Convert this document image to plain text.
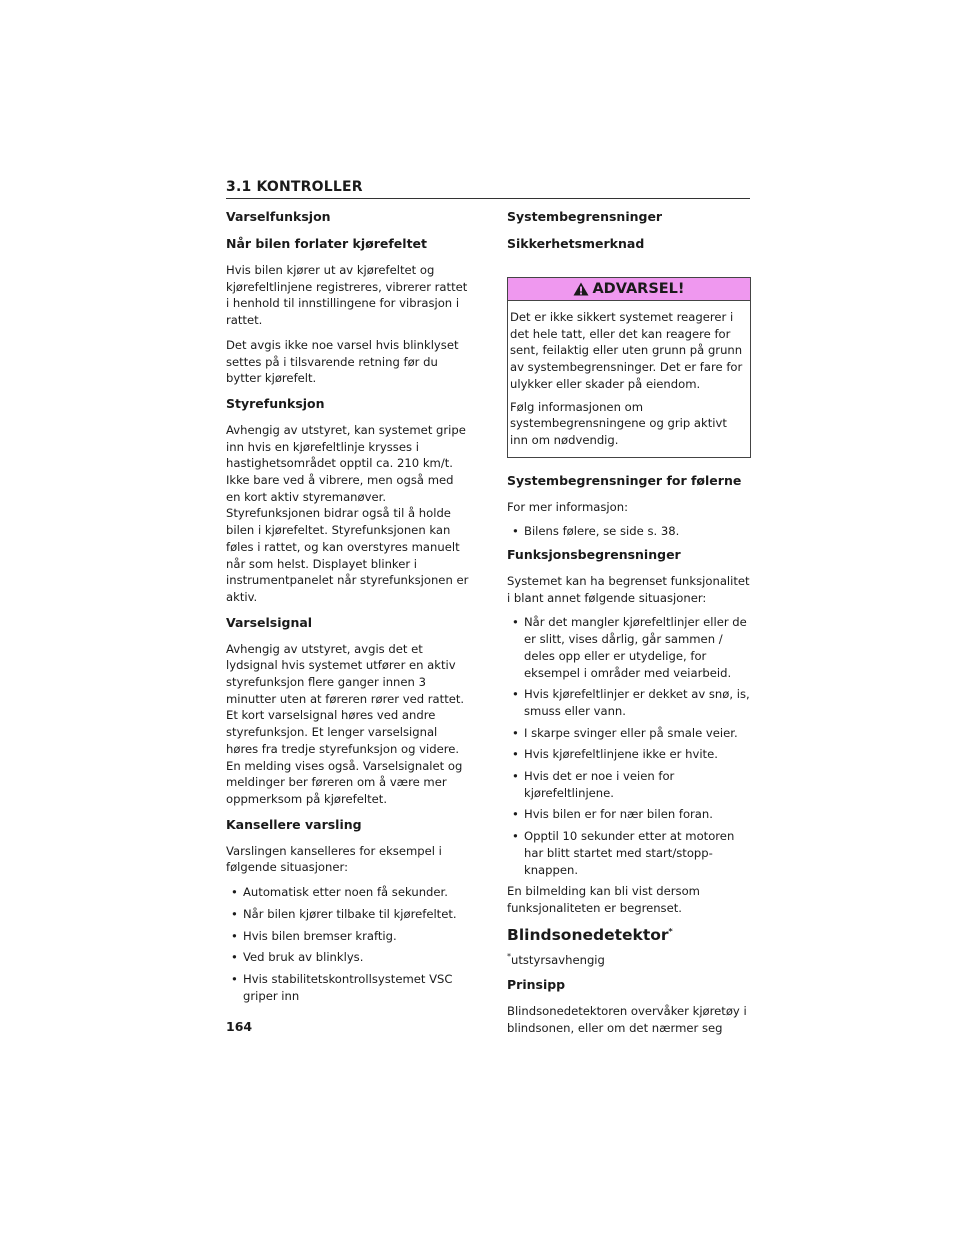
3.1 KONTROLLER
Varselfunksjon
Når bilen forlater kjørefeltet

Hvis bilen kjører ut av kjørefeltet og kjørefeltlinjene registreres, vibrerer rattet i henhold til innstillingene for vibrasjon i rattet.

Det avgis ikke noe varsel hvis blinklyset settes på i tilsvarende retning før du bytter kjørefelt.

Styrefunksjon

Avhengig av utstyret, kan systemet gripe inn hvis en kjørefeltlinje krysses i hastighetsområdet opptil ca. 210 km/t. Ikke bare ved å vibrere, men også med en kort aktiv styremanøver. Styrefunksjonen bidrar også til å holde bilen i kjørefeltet. Styrefunksjonen kan føles i rattet, og kan overstyres manuelt når som helst. Displayet blinker i instrumentpanelet når styrefunksjonen er aktiv.

Varselsignal

Avhengig av utstyret, avgis det et lydsignal hvis systemet utfører en aktiv styrefunksjon flere ganger innen 3 minutter uten at føreren rører ved rattet. Et kort varselsignal høres ved andre styrefunksjon. Et lenger varselsignal høres fra tredje styrefunksjon og videre. En melding vises også. Varselsignalet og meldinger ber føreren om å være mer oppmerksom på kjørefeltet.

Kansellere varsling

Varslingen kanselleres for eksempel i følgende situasjoner:

• Automatisk etter noen få sekunder.
• Når bilen kjører tilbake til kjørefeltet.
• Hvis bilen bremser kraftig.
• Ved bruk av blinklys.
• Hvis stabilitetskontrollsystemet VSC griper inn
Systembegrensninger
Sikkerhetsmerknad
ADVARSEL!

Det er ikke sikkert systemet reagerer i det hele tatt, eller det kan reagere for sent, feilaktig eller uten grunn på grunn av systembegrensninger. Det er fare for ulykker eller skader på eiendom.

Følg informasjonen om systembegrensningene og grip aktivt inn om nødvendig.

Systembegrensninger for følerne

For mer informasjon:

• Bilens følere, se side s. 38.
Funksjonsbegrensninger

Systemet kan ha begrenset funksjonalitet i blant annet følgende situasjoner:

• Når det mangler kjørefeltlinjer eller de er slitt, vises dårlig, går sammen / deles opp eller er utydelige, for eksempel i områder med veiarbeid.
• Hvis kjørefeltlinjer er dekket av snø, is, smuss eller vann.
• I skarpe svinger eller på smale veier.
• Hvis kjørefeltlinjene ikke er hvite.
• Hvis det er noe i veien for kjørefeltlinjene.
• Hvis bilen er for nær bilen foran.
• Opptil 10 sekunder etter at motoren har blitt startet med start/stopp-knappen.

En bilmelding kan bli vist dersom funksjonaliteten er begrenset.

Blindsonedetektor*

*utstyrsavhengig

Prinsipp

Blindsonedetektoren overvåker kjøretøy i blindsonen, eller om det nærmer seg

164
